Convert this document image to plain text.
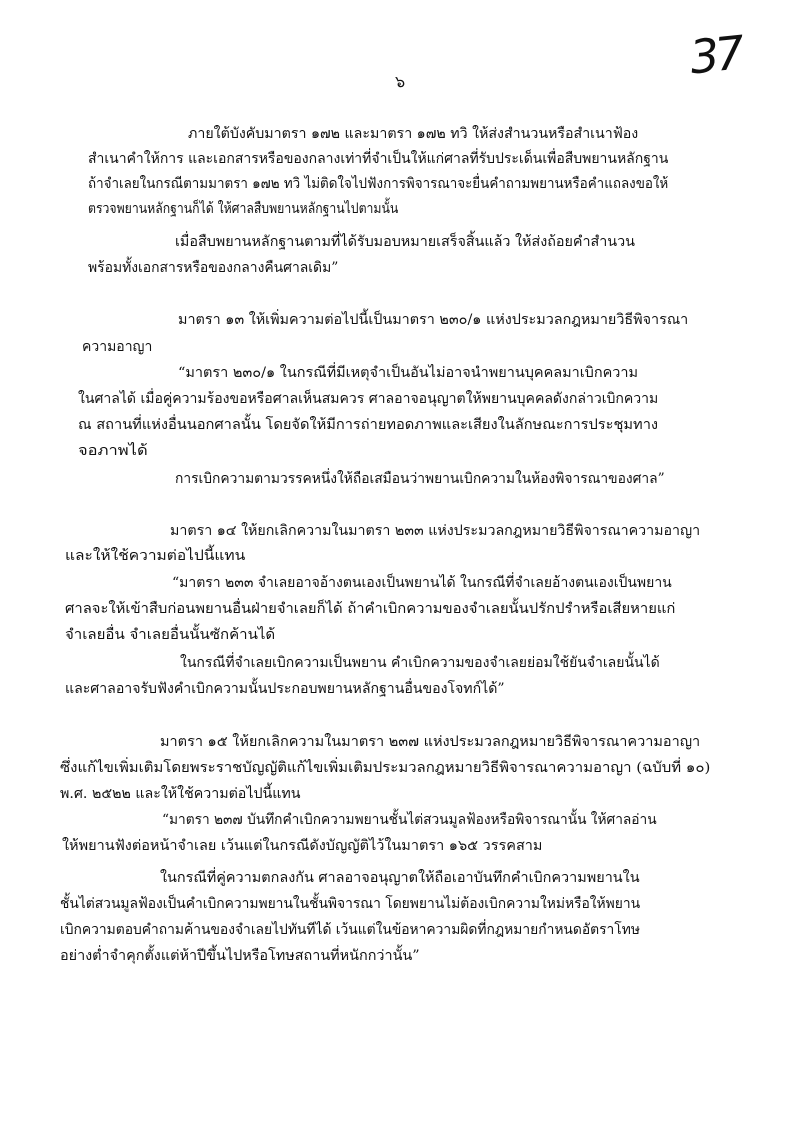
37
๖
ภายใต้บังคับมาตรา ๑๗๒ และมาตรา ๑๗๒ ทวิ ให้ส่งสำนวนหรือสำเนาฟ้อง
สำเนาคำให้การ และเอกสารหรือของกลางเท่าที่จำเป็นให้แก่ศาลที่รับประเด็นเพื่อสืบพยานหลักฐาน
ถ้าจำเลยในกรณีตามมาตรา ๑๗๒ ทวิ ไม่ติดใจไปฟังการพิจารณาจะยื่นคำถามพยานหรือคำแถลงขอให้
ตรวจพยานหลักฐานก็ได้ ให้ศาลสืบพยานหลักฐานไปตามนั้น
เมื่อสืบพยานหลักฐานตามที่ได้รับมอบหมายเสร็จสิ้นแล้ว ให้ส่งถ้อยคำสำนวน
พร้อมทั้งเอกสารหรือของกลางคืนศาลเดิม”
มาตรา ๑๓ ให้เพิ่มความต่อไปนี้เป็นมาตรา ๒๓๐/๑ แห่งประมวลกฎหมายวิธีพิจารณา
ความอาญา
“มาตรา ๒๓๐/๑ ในกรณีที่มีเหตุจำเป็นอันไม่อาจนำพยานบุคคลมาเบิกความ
ในศาลได้ เมื่อคู่ความร้องขอหรือศาลเห็นสมควร ศาลอาจอนุญาตให้พยานบุคคลดังกล่าวเบิกความ
ณ สถานที่แห่งอื่นนอกศาลนั้น โดยจัดให้มีการถ่ายทอดภาพและเสียงในลักษณะการประชุมทาง
จอภาพได้
การเบิกความตามวรรคหนึ่งให้ถือเสมือนว่าพยานเบิกความในห้องพิจารณาของศาล”
มาตรา ๑๔ ให้ยกเลิกความในมาตรา ๒๓๓ แห่งประมวลกฎหมายวิธีพิจารณาความอาญา
และให้ใช้ความต่อไปนี้แทน
“มาตรา ๒๓๓ จำเลยอาจอ้างตนเองเป็นพยานได้ ในกรณีที่จำเลยอ้างตนเองเป็นพยาน
ศาลจะให้เข้าสืบก่อนพยานอื่นฝ่ายจำเลยก็ได้ ถ้าคำเบิกความของจำเลยนั้นปรักปรำหรือเสียหายแก่
จำเลยอื่น จำเลยอื่นนั้นซักค้านได้
ในกรณีที่จำเลยเบิกความเป็นพยาน คำเบิกความของจำเลยย่อมใช้ยันจำเลยนั้นได้
และศาลอาจรับฟังคำเบิกความนั้นประกอบพยานหลักฐานอื่นของโจทก์ได้”
มาตรา ๑๕ ให้ยกเลิกความในมาตรา ๒๓๗ แห่งประมวลกฎหมายวิธีพิจารณาความอาญา
ซึ่งแก้ไขเพิ่มเติมโดยพระราชบัญญัติแก้ไขเพิ่มเติมประมวลกฎหมายวิธีพิจารณาความอาญา (ฉบับที่ ๑๐)
พ.ศ. ๒๕๒๒ และให้ใช้ความต่อไปนี้แทน
“มาตรา ๒๓๗ บันทึกคำเบิกความพยานชั้นไต่สวนมูลฟ้องหรือพิจารณานั้น ให้ศาลอ่าน
ให้พยานฟังต่อหน้าจำเลย เว้นแต่ในกรณีดังบัญญัติไว้ในมาตรา ๑๖๕ วรรคสาม
ในกรณีที่คู่ความตกลงกัน ศาลอาจอนุญาตให้ถือเอาบันทึกคำเบิกความพยานใน
ชั้นไต่สวนมูลฟ้องเป็นคำเบิกความพยานในชั้นพิจารณา โดยพยานไม่ต้องเบิกความใหม่หรือให้พยาน
เบิกความตอบคำถามค้านของจำเลยไปทันทีได้ เว้นแต่ในข้อหาความผิดที่กฎหมายกำหนดอัตราโทษ
อย่างต่ำจำคุกตั้งแต่ห้าปีขึ้นไปหรือโทษสถานที่หนักกว่านั้น”
